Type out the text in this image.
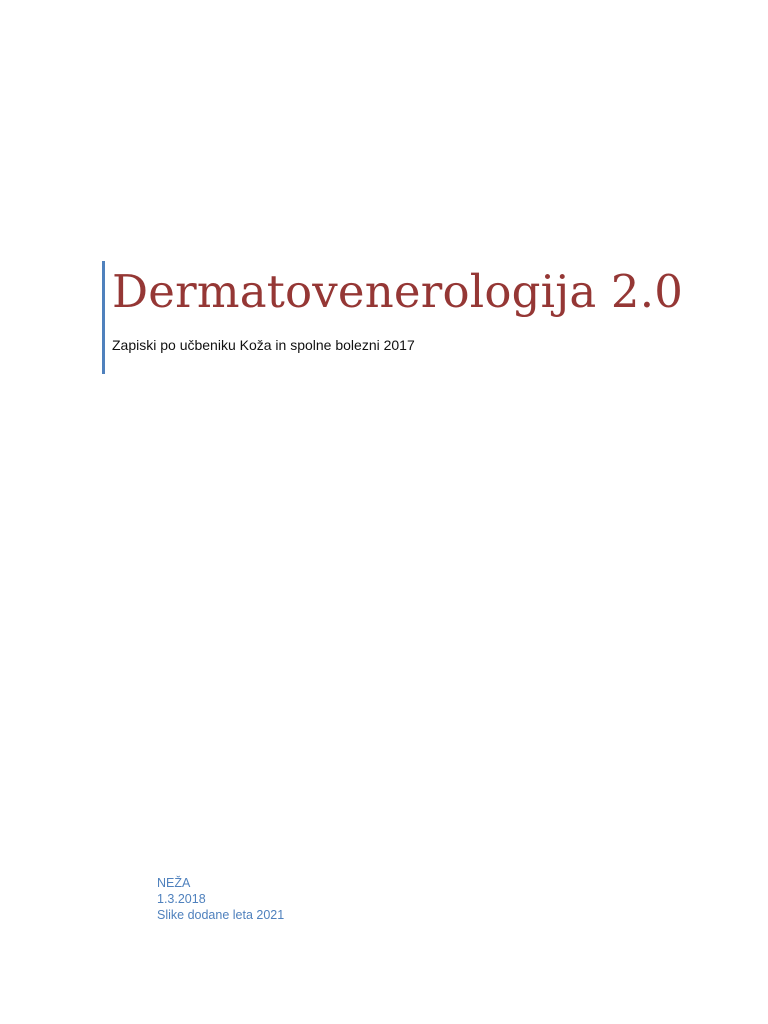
Dermatovenerologija 2.0

Zapiski po učbeniku Koža in spolne bolezni 2017

NEŽA
1.3.2018
Slike dodane leta 2021
